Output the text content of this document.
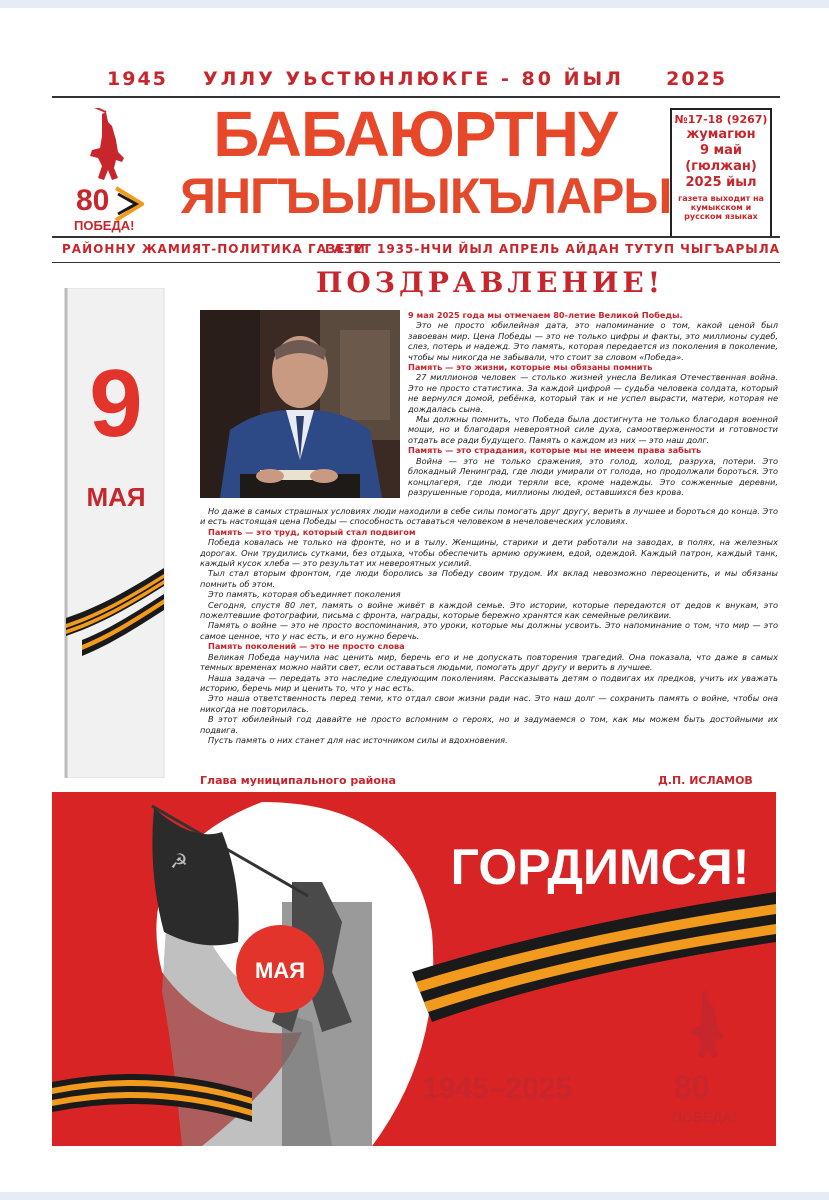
1945 УЛЛУ УЬСТЮНЛЮКГЕ - 80 ЙЫЛ 2025
80
ПОБЕДА!
БАБАЮРТНУ
ЯНГЪЫЛЫКЪЛАРЫ
№17-18 (9267)
жумагюн
9 май
(гюлжан)
2025 йыл
газета выходит на кумыкском и русском языках
РАЙОННУ ЖАМИЯТ-ПОЛИТИКА ГАЗЕТИ
ГАЗЕТ 1935-НЧИ ЙЫЛ АПРЕЛЬ АЙДАН ТУТУП ЧЫГЪАРЫЛА
ПОЗДРАВЛЕНИЕ!
9
МАЯ

9 мая 2025 года мы отмечаем 80-летие Великой Победы.

Это не просто юбилейная дата, это напоминание о том, какой ценой был завоеван мир. Цена Победы — это не только цифры и факты, это миллионы судеб, слез, потерь и надежд. Это память, которая передается из поколения в поколение, чтобы мы никогда не забывали, что стоит за словом «Победа».

Память — это жизни, которые мы обязаны помнить

27 миллионов человек — столько жизней унесла Великая Отечественная война. Это не просто статистика. За каждой цифрой — судьба человека солдата, который не вернулся домой, ребёнка, который так и не успел вырасти, матери, которая не дождалась сына.

Мы должны помнить, что Победа была достигнута не только благодаря военной мощи, но и благодаря невероятной силе духа, самоотверженности и готовности отдать все ради будущего. Память о каждом из них — это наш долг.

Память — это страдания, которые мы не имеем права забыть

Война — это не только сражения, это голод, холод, разруха, потери. Это блокадный Ленинград, где люди умирали от голода, но продолжали бороться. Это концлагеря, где люди теряли все, кроме надежды. Это сожженные деревни, разрушенные города, миллионы людей, оставшихся без крова.

Но даже в самых страшных условиях люди находили в себе силы помогать друг другу, верить в лучшее и бороться до конца. Это и есть настоящая цена Победы — способность оставаться человеком в нечеловеческих условиях.

Память — это труд, который стал подвигом

Победа ковалась не только на фронте, но и в тылу. Женщины, старики и дети работали на заводах, в полях, на железных дорогах. Они трудились сутками, без отдыха, чтобы обеспечить армию оружием, едой, одеждой. Каждый патрон, каждый танк, каждый кусок хлеба — это результат их невероятных усилий.

Тыл стал вторым фронтом, где люди боролись за Победу своим трудом. Их вклад невозможно переоценить, и мы обязаны помнить об этом.

Это память, которая объединяет поколения

Сегодня, спустя 80 лет, память о войне живёт в каждой семье. Это истории, которые передаются от дедов к внукам, это пожелтевшие фотографии, письма с фронта, награды, которые бережно хранятся как семейные реликвии.

Память о войне — это не просто воспоминания, это уроки, которые мы должны усвоить. Это напоминание о том, что мир — это самое ценное, что у нас есть, и его нужно беречь.

Память поколений — это не просто слова

Великая Победа научила нас ценить мир, беречь его и не допускать повторения трагедий. Она показала, что даже в самых темных временах можно найти свет, если оставаться людьми, помогать друг другу и верить в лучшее.

Наша задача — передать это наследие следующим поколениям. Рассказывать детям о подвигах их предков, учить их уважать историю, беречь мир и ценить то, что у нас есть.

Это наша ответственность перед теми, кто отдал свои жизни ради нас. Это наш долг — сохранить память о войне, чтобы она никогда не повторилась.

В этот юбилейный год давайте не просто вспомним о героях, но и задумаемся о том, как мы можем быть достойными их подвига.

Пусть память о них станет для нас источником силы и вдохновения.

Глава муниципального района	Д.П. ИСЛАМОВ
☭
МАЯ
ГОРДИМСЯ!
1945–2025	80
ПОБЕДА!
